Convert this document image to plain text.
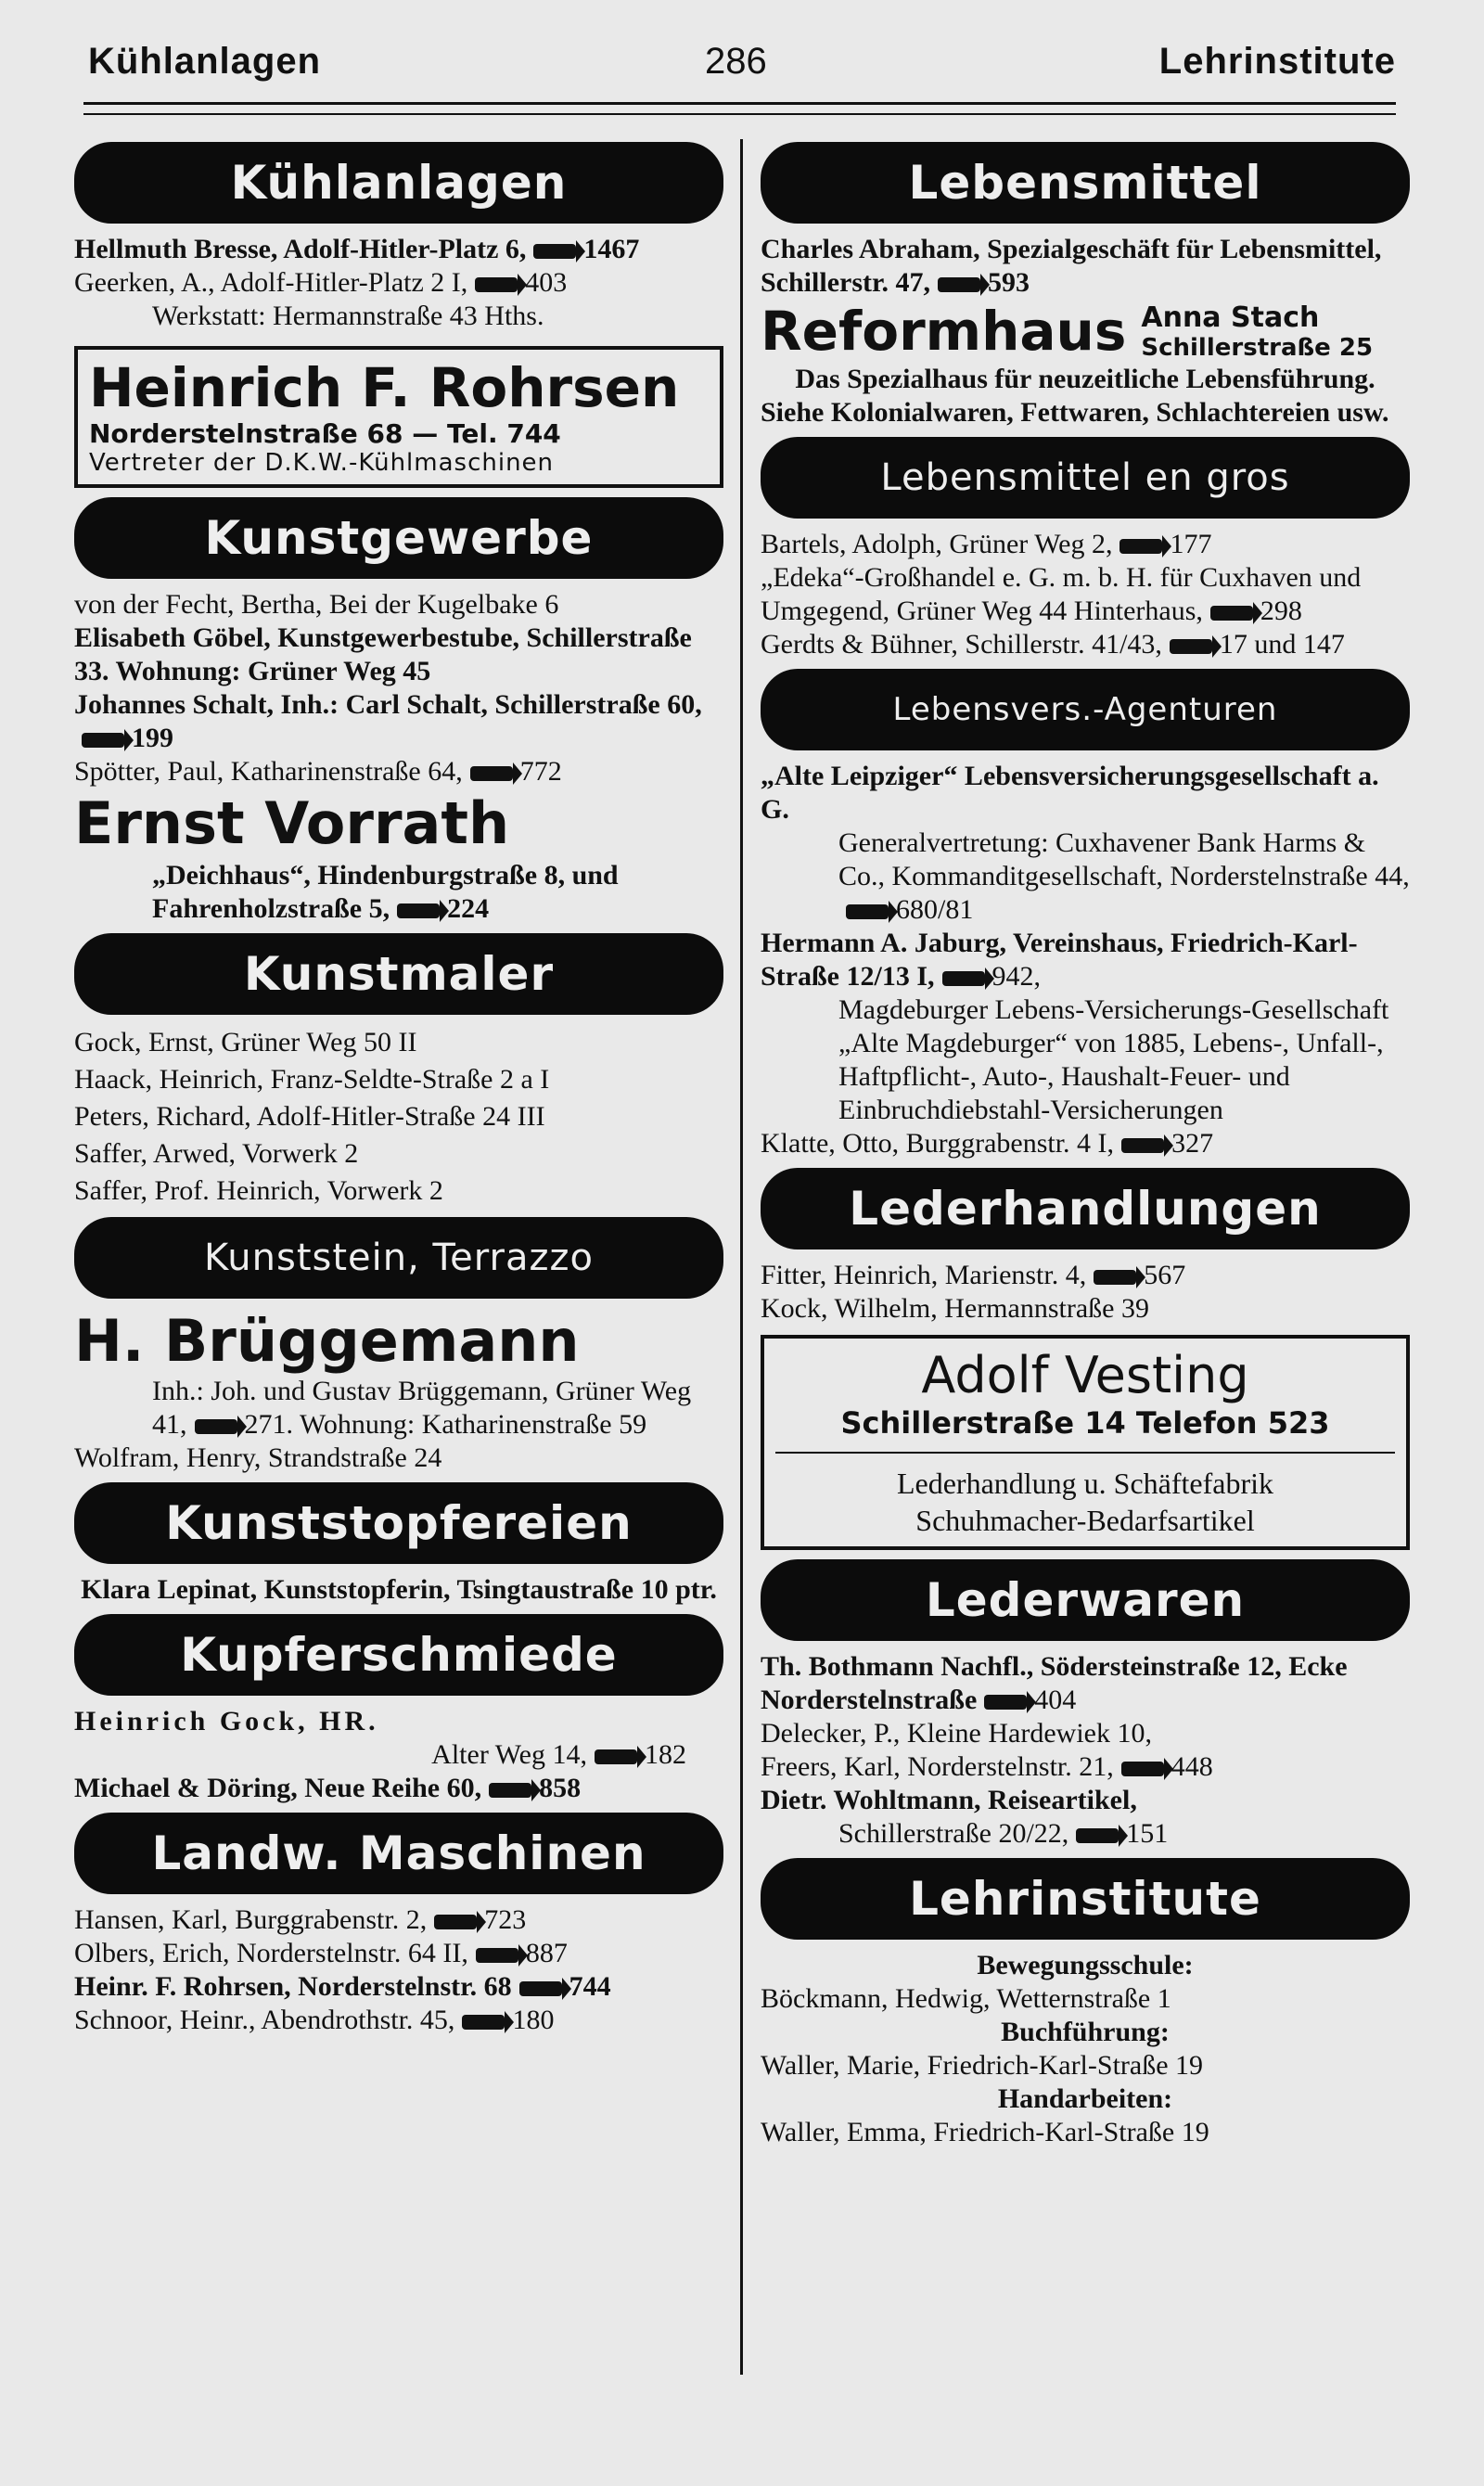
Kühlanlagen	286	Lehrinstitute
Kühlanlagen
Hellmuth Bresse, Adolf-Hitler-Platz 6, 1467
Geerken, A., Adolf-Hitler-Platz 2 I, 403
Werkstatt: Hermannstraße 43 Hths.
Heinrich F. Rohrsen
Norderstelnstraße 68 — Tel. 744
Vertreter der D.K.W.-Kühlmaschinen
Kunstgewerbe
von der Fecht, Bertha, Bei der Kugelbake 6
Elisabeth Göbel, Kunstgewerbestube, Schillerstraße 33. Wohnung: Grüner Weg 45
Johannes Schalt, Inh.: Carl Schalt, Schillerstraße 60,199
Spötter, Paul, Katharinenstraße 64, 772
Ernst Vorrath
„Deichhaus“, Hindenburgstraße 8, und Fahrenholzstraße 5, 224
Kunstmaler
Gock, Ernst, Grüner Weg 50 II
Haack, Heinrich, Franz-Seldte-Straße 2 a I
Peters, Richard, Adolf-Hitler-Straße 24 III
Saffer, Arwed, Vorwerk 2
Saffer, Prof. Heinrich, Vorwerk 2
Kunststein, Terrazzo
H. Brüggemann
Inh.: Joh. und Gustav Brüggemann, Grüner Weg 41, 271. Wohnung: Katharinenstraße 59
Wolfram, Henry, Strandstraße 24
Kunststopfereien
Klara Lepinat, Kunststopferin, Tsingtaustraße 10 ptr.
Kupferschmiede
Heinrich Gock, HR.
Alter Weg 14, 182
Michael & Döring, Neue Reihe 60, 858
Landw. Maschinen
Hansen, Karl, Burggrabenstr. 2, 723
Olbers, Erich, Norderstelnstr. 64 II, 887
Heinr. F. Rohrsen, Norderstelnstr. 68 744
Schnoor, Heinr., Abendrothstr. 45, 180
Lebensmittel
Charles Abraham, Spezialgeschäft für Lebensmittel, Schillerstr. 47, 593
Reformhaus Anna Stach
Schillerstraße 25
Das Spezialhaus für neuzeitliche Lebensführung.
Siehe Kolonialwaren, Fettwaren, Schlachtereien usw.
Lebensmittel en gros
Bartels, Adolph, Grüner Weg 2, 177
„Edeka“-Großhandel e. G. m. b. H. für Cuxhaven und Umgegend, Grüner Weg 44 Hinterhaus, 298
Gerdts & Bühner, Schillerstr. 41/43, 17 und 147
Lebensvers.-Agenturen
„Alte Leipziger“ Lebensversicherungsgesellschaft a. G.
Generalvertretung: Cuxhavener Bank Harms & Co., Kommanditgesellschaft, Norderstelnstraße 44,680/81
Hermann A. Jaburg, Vereinshaus, Friedrich-Karl-Straße 12/13 I, 942,
Magdeburger Lebens-Versicherungs-Gesellschaft „Alte Magdeburger“ von 1885, Lebens-, Unfall-, Haftpflicht-, Auto-, Haushalt-Feuer- und Einbruchdiebstahl-Versicherungen
Klatte, Otto, Burggrabenstr. 4 I, 327
Lederhandlungen
Fitter, Heinrich, Marienstr. 4, 567
Kock, Wilhelm, Hermannstraße 39
Adolf Vesting
Schillerstraße 14 Telefon 523
Lederhandlung u. Schäftefabrik
Schuhmacher-Bedarfsartikel
Lederwaren
Th. Bothmann Nachfl., Södersteinstraße 12, Ecke Norderstelnstraße 404
Delecker, P., Kleine Hardewiek 10,
Freers, Karl, Norderstelnstr. 21, 448
Dietr. Wohltmann, Reiseartikel,
Schillerstraße 20/22, 151
Lehrinstitute
Bewegungsschule:
Böckmann, Hedwig, Wetternstraße 1
Buchführung:
Waller, Marie, Friedrich-Karl-Straße 19
Handarbeiten:
Waller, Emma, Friedrich-Karl-Straße 19
